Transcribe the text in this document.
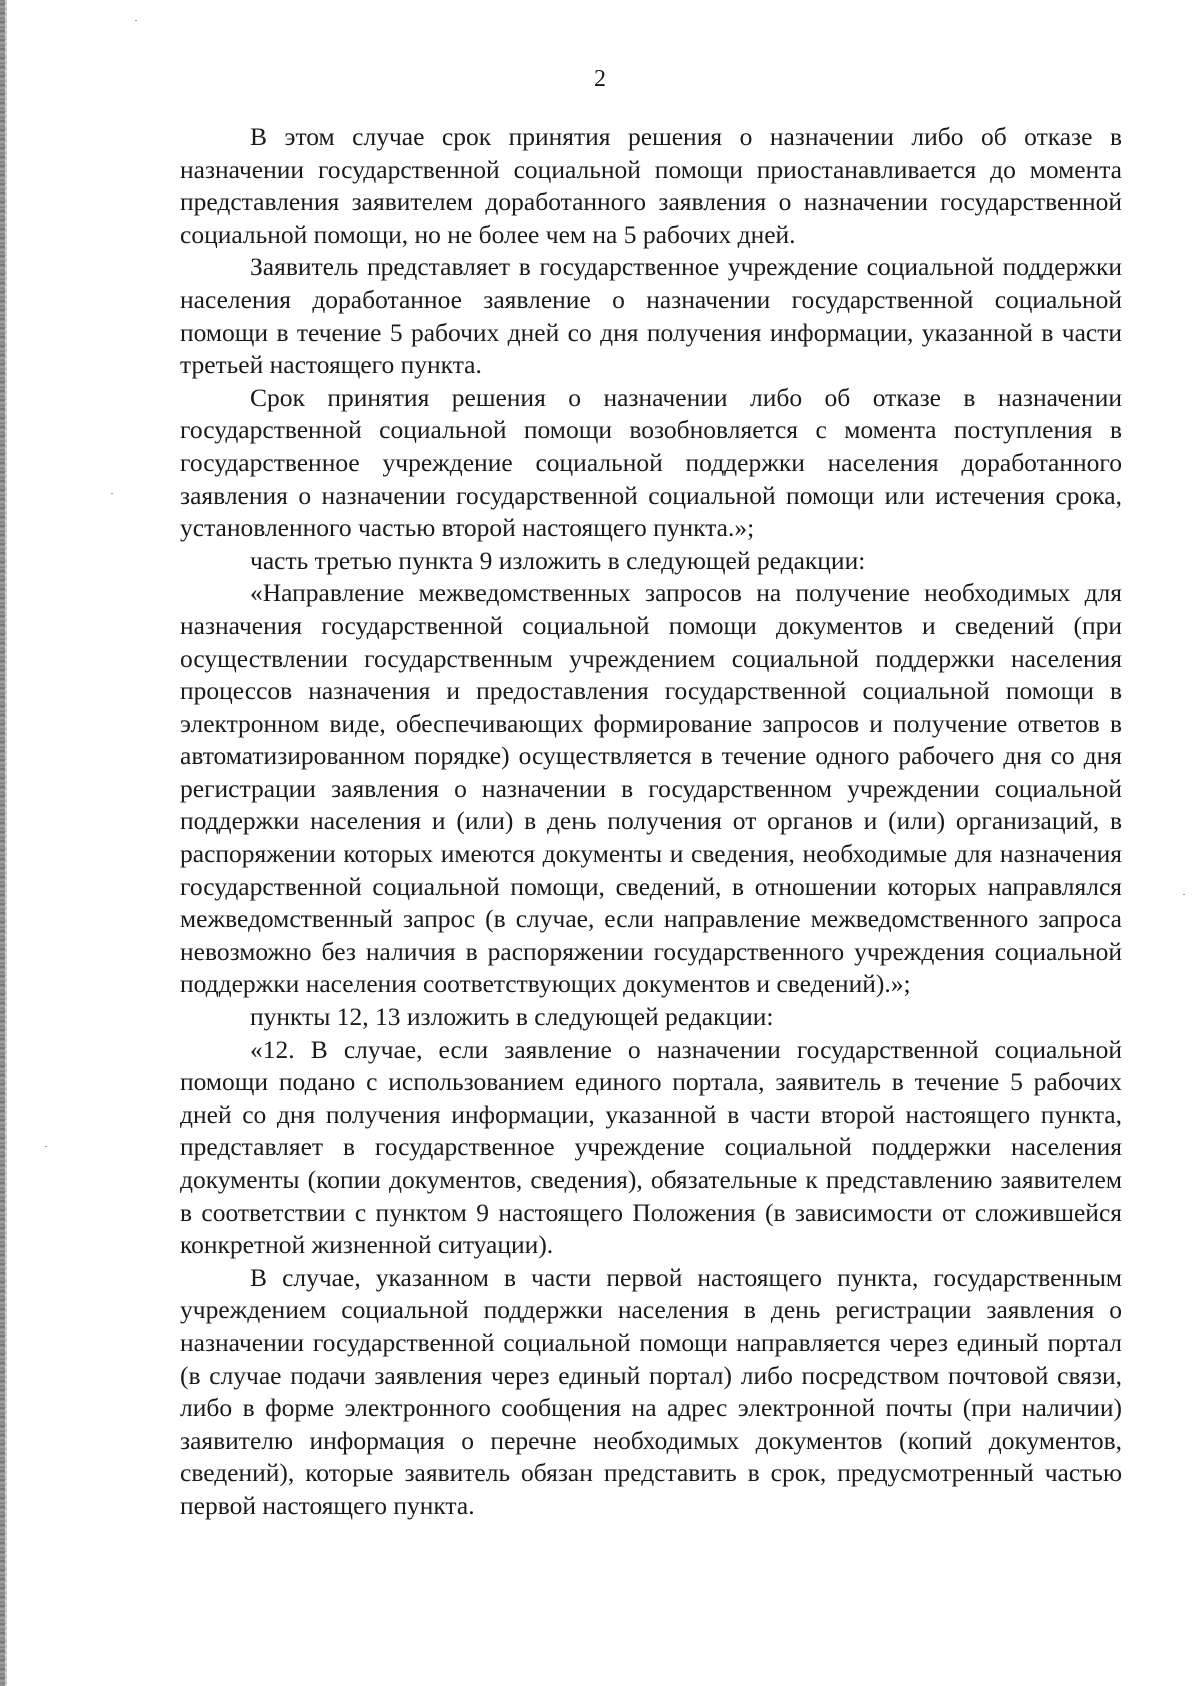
2

В этом случае срок принятия решения о назначении либо об отказе в назначении государственной социальной помощи приостанавливается до момента представления заявителем доработанного заявления о назначении государственной социальной помощи, но не более чем на 5 рабочих дней.

Заявитель представляет в государственное учреждение социальной поддержки населения доработанное заявление о назначении государственной социальной помощи в течение 5 рабочих дней со дня получения информации, указанной в части третьей настоящего пункта.

Срок принятия решения о назначении либо об отказе в назначении государственной социальной помощи возобновляется с момента поступления в государственное учреждение социальной поддержки населения доработанного заявления о назначении государственной социальной помощи или истечения срока, установленного частью второй настоящего пункта.»;

часть третью пункта 9 изложить в следующей редакции:

«Направление межведомственных запросов на получение необходимых для назначения государственной социальной помощи документов и сведений (при осуществлении государственным учреждением социальной поддержки населения процессов назначения и предоставления государственной социальной помощи в электронном виде, обеспечивающих формирование запросов и получение ответов в автоматизированном порядке) осуществляется в течение одного рабочего дня со дня регистрации заявления о назначении в государственном учреждении социальной поддержки населения и (или) в день получения от органов и (или) организаций, в распоряжении которых имеются документы и сведения, необходимые для назначения государственной социальной помощи, сведений, в отношении которых направлялся межведомственный запрос (в случае, если направление межведомственного запроса невозможно без наличия в распоряжении государственного учреждения социальной поддержки населения соответствующих документов и сведений).»;

пункты 12, 13 изложить в следующей редакции:

«12. В случае, если заявление о назначении государственной социальной помощи подано с использованием единого портала, заявитель в течение 5 рабочих дней со дня получения информации, указанной в части второй настоящего пункта, представляет в государственное учреждение социальной поддержки населения документы (копии документов, сведения), обязательные к представлению заявителем в соответствии с пунктом 9 настоящего Положения (в зависимости от сложившейся конкретной жизненной ситуации).

В случае, указанном в части первой настоящего пункта, государственным учреждением социальной поддержки населения в день регистрации заявления о назначении государственной социальной помощи направляется через единый портал (в случае подачи заявления через единый портал) либо посредством почтовой связи, либо в форме электронного сообщения на адрес электронной почты (при наличии) заявителю информация о перечне необходимых документов (копий документов, сведений), которые заявитель обязан представить в срок, предусмотренный частью первой настоящего пункта.
